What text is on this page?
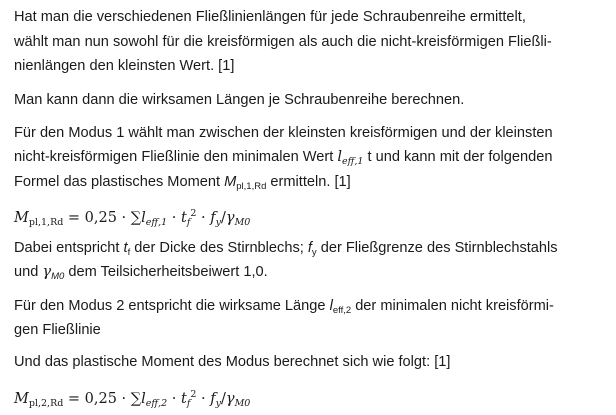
Hat man die verschiedenen Fließlinienlängen für jede Schraubenreihe ermittelt,
wählt man nun sowohl für die kreisförmigen als auch die nicht-kreisförmigen Fließli-
nienlängen den kleinsten Wert. [1]
Man kann dann die wirksamen Längen je Schraubenreihe berechnen.
Für den Modus 1 wählt man zwischen der kleinsten kreisförmigen und der kleinsten
nicht-kreisförmigen Fließlinie den minimalen Wert $l_{eff,1}$ t und kann mit der folgenden
Formel das plastisches Moment $M_{pl,1,Rd}$ ermitteln. [1]
$M_{pl,1,Rd} = 0,25 \cdot \sum l_{eff,1} \cdot t_f^2 \cdot f_y/\gamma_{M0}$
Dabei entspricht $t_f$ der Dicke des Stirnblechs; $f_y$ der Fließgrenze des Stirnblechstahls
und $\gamma_{M0}$ dem Teilsicherheitsbeiwert 1,0.
Für den Modus 2 entspricht die wirksame Länge $l_{eff,2}$ der minimalen nicht kreisförmi-
gen Fließlinie
Und das plastische Moment des Modus berechnet sich wie folgt: [1]
$M_{pl,2,Rd} = 0,25 \cdot \sum l_{eff,2} \cdot t_f^2 \cdot f_y/\gamma_{M0}$
